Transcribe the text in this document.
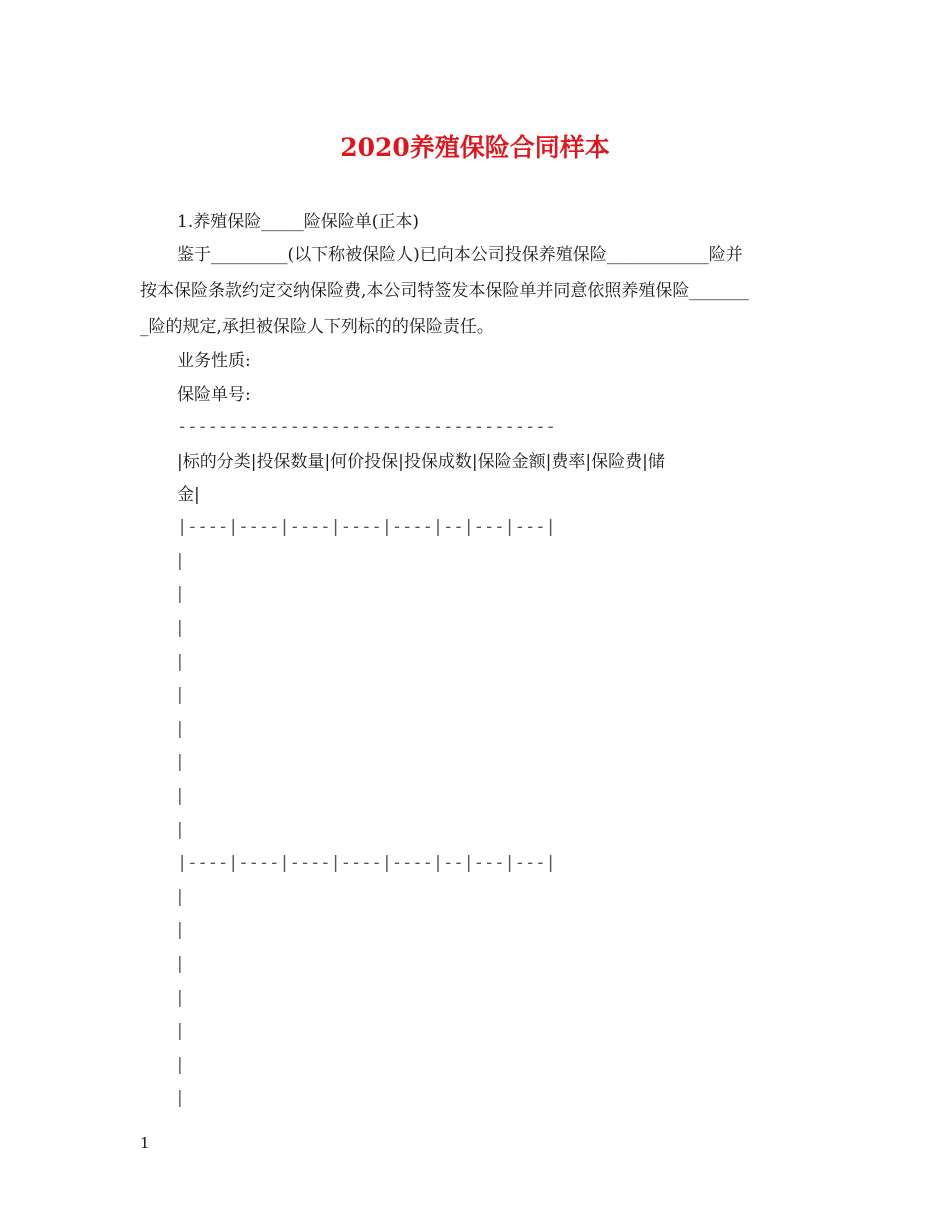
2020养殖保险合同样本
1.养殖保险_____险保险单(正本)
鉴于_________(以下称被保险人)已向本公司投保养殖保险____________险并
按本保险条款约定交纳保险费,本公司特签发本保险单并同意依照养殖保险_______
_险的规定,承担被保险人下列标的的保险责任。
业务性质:
保险单号:
-------------------------------------
|标的分类|投保数量|何价投保|投保成数|保险金额|费率|保险费|储
金|
|----|----|----|----|----|--|---|---|
|
|
|
|
|
|
|
|
|
|----|----|----|----|----|--|---|---|
|
|
|
|
|
|
|
1
